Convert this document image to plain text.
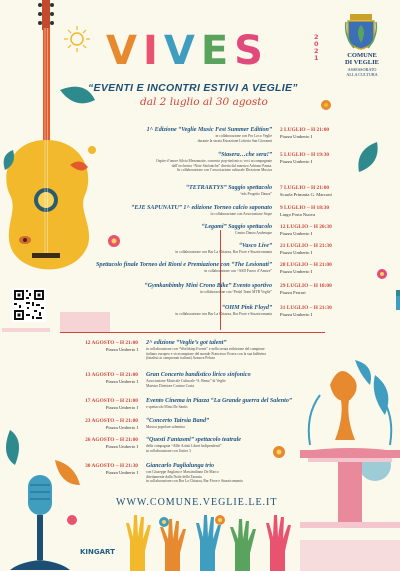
VIVES	2021
“EVENTI E INCONTRI ESTIVI A VEGLIE”
dal 2 luglio al 30 agosto
COMUNE
DI VEGLIE
ASSESSORATO
ALLA CULTURA
1^ Edizione “Veglie Music Fest Summer Edition”
in collaborazione con Pro Loco Veglie
durante la serata Estrazione Lotteria San Giovanni
2 LUGLIO – H 21:00
Piazza Umberto I
“Stasera…che sera!”
Ospite d’onore Silvia Mezzanotte, concerto pop-sinfonico; voci accompagnate
dall’orchestra “Note Sinfoniche” diretta dal maestro Adriano Panza.
In collaborazione con l’associazione culturale Direzione Musica
5 LUGLIO – H 19:30
Piazza Umberto I
“TETRAKTYS” Saggio spettacolo
“ads Progetto Danza”
7 LUGLIO – H 21:00
Scuola Primaria G. Marconi
“EJE SAPUNATU” 1^ edizione Torneo calcio saponato
in collaborazione con Associazione Stope
9 LUGLIO – H 18:30
Largo Porta Nuova
“Legami” Saggio spettacolo
Centro Danza Arabesque
12 LUGLIO – H 20:30
Piazza Umberto I
“Vasco Live”
in collaborazione con Bar La Chiazza, Bar Fiore e Stuzzicomania
21 LUGLIO – H 21:30
Piazza Umberto I
Spettacolo finale Torneo dei Rioni e Premiazione con “The Lesionati”
in collaborazione con “ASD Fuoco d’Amore”
28 LUGLIO – H 21:00
Piazza Umberto I
“Gymkanbimby Mini Crono Bike” Evento sportivo
in collaborazione con “Pedal Team MTB Veglie”
29 LUGLIO – H 18:00
Piazza Ferrari
“OHM Pink Floyd”
in collaborazione con Bar La Chiazza, Bar Fiore e Stuzzicomania
31 LUGLIO – H 21:30
Piazza Umberto I
12 AGOSTO – H 21:00
Piazza Umberto I
2^ edizione “Veglie’s got talent”
in collaborazione con “Worldstep Events” e nella serata esibizione del campione
italiano europeo e vicecampione del mondo Francesco Errera con la sua ballerina
(finalisti ai campionati italiani) Azzurra Peluso
13 AGOSTO – H 21:00
Piazza Umberto I
Gran Concerto bandistico lirico sinfonico
Associazione Musicale Culturale “S. Remo” di Veglie
Maestro Direttore Cosimo Costa
17 AGOSTO – H 21:00
Piazza Umberto I
Evento Cinema in Piazza “La Grande guerra del Salento”
e spettacolo Mino De Santis
23 AGOSTO – H 21:00
Piazza Umberto I
“Concerto Tairsia Band”
Musica popolare salentina
26 AGOSTO – H 21:00
Piazza Umberto I
“Questi Fantasmi” spettacolo teatrale
della compagnia “Allle Artisti Liberi Indipendenti”
in collaborazione con Unitre 3
30 AGOSTO – H 21:30
Piazza Umberto I
Giancarlo Paglialunga trio
con Giuseppe Anglano e Massimiliano De Marco
direttamente dalla Notte della Taranta
in collaborazione con Bar La Chiazza, Bar Fiore e Stuzzicomania
WWW.COMUNE.VEGLIE.LE.IT
KINGART
